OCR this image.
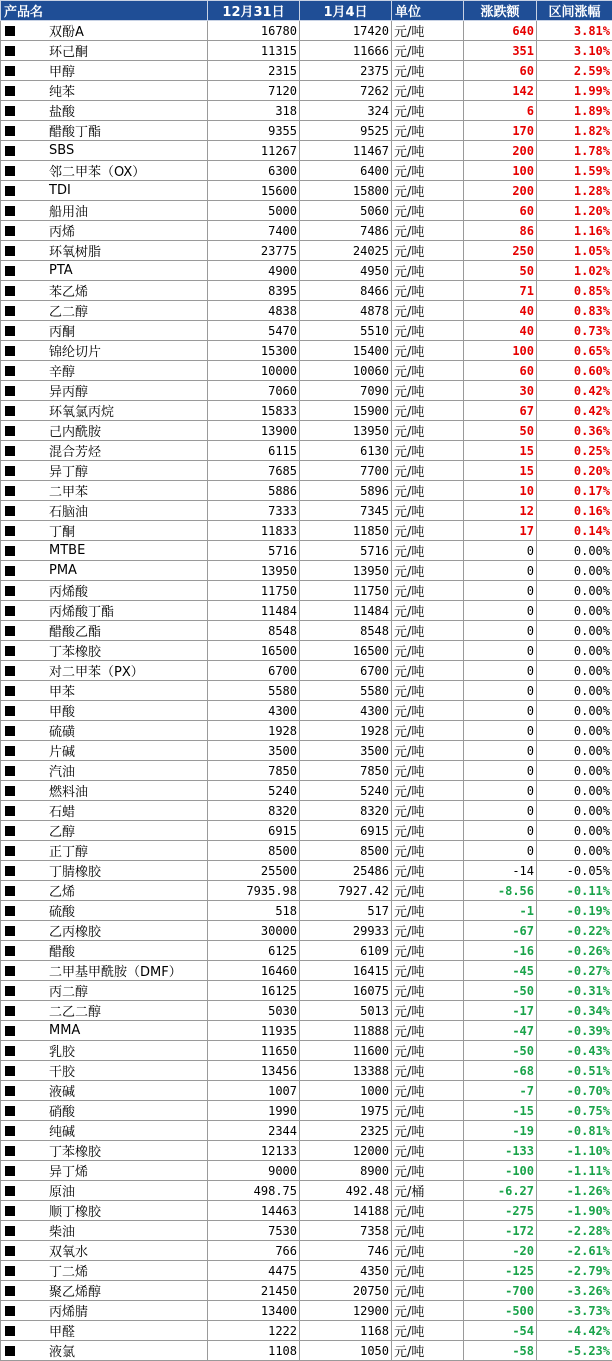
产品名	12月31日	1月4日	单位	涨跌额	区间涨幅
双酚A	16780	17420	元/吨	640	3.81%
环己酮	11315	11666	元/吨	351	3.10%
甲醇	2315	2375	元/吨	60	2.59%
纯苯	7120	7262	元/吨	142	1.99%
盐酸	318	324	元/吨	6	1.89%
醋酸丁酯	9355	9525	元/吨	170	1.82%
SBS	11267	11467	元/吨	200	1.78%
邻二甲苯（OX）	6300	6400	元/吨	100	1.59%
TDI	15600	15800	元/吨	200	1.28%
船用油	5000	5060	元/吨	60	1.20%
丙烯	7400	7486	元/吨	86	1.16%
环氧树脂	23775	24025	元/吨	250	1.05%
PTA	4900	4950	元/吨	50	1.02%
苯乙烯	8395	8466	元/吨	71	0.85%
乙二醇	4838	4878	元/吨	40	0.83%
丙酮	5470	5510	元/吨	40	0.73%
锦纶切片	15300	15400	元/吨	100	0.65%
辛醇	10000	10060	元/吨	60	0.60%
异丙醇	7060	7090	元/吨	30	0.42%
环氧氯丙烷	15833	15900	元/吨	67	0.42%
己内酰胺	13900	13950	元/吨	50	0.36%
混合芳烃	6115	6130	元/吨	15	0.25%
异丁醇	7685	7700	元/吨	15	0.20%
二甲苯	5886	5896	元/吨	10	0.17%
石脑油	7333	7345	元/吨	12	0.16%
丁酮	11833	11850	元/吨	17	0.14%
MTBE	5716	5716	元/吨	0	0.00%
PMA	13950	13950	元/吨	0	0.00%
丙烯酸	11750	11750	元/吨	0	0.00%
丙烯酸丁酯	11484	11484	元/吨	0	0.00%
醋酸乙酯	8548	8548	元/吨	0	0.00%
丁苯橡胶	16500	16500	元/吨	0	0.00%
对二甲苯（PX）	6700	6700	元/吨	0	0.00%
甲苯	5580	5580	元/吨	0	0.00%
甲酸	4300	4300	元/吨	0	0.00%
硫磺	1928	1928	元/吨	0	0.00%
片碱	3500	3500	元/吨	0	0.00%
汽油	7850	7850	元/吨	0	0.00%
燃料油	5240	5240	元/吨	0	0.00%
石蜡	8320	8320	元/吨	0	0.00%
乙醇	6915	6915	元/吨	0	0.00%
正丁醇	8500	8500	元/吨	0	0.00%
丁腈橡胶	25500	25486	元/吨	-14	-0.05%
乙烯	7935.98	7927.42	元/吨	-8.56	-0.11%
硫酸	518	517	元/吨	-1	-0.19%
乙丙橡胶	30000	29933	元/吨	-67	-0.22%
醋酸	6125	6109	元/吨	-16	-0.26%
二甲基甲酰胺（DMF）	16460	16415	元/吨	-45	-0.27%
丙二醇	16125	16075	元/吨	-50	-0.31%
二乙二醇	5030	5013	元/吨	-17	-0.34%
MMA	11935	11888	元/吨	-47	-0.39%
乳胶	11650	11600	元/吨	-50	-0.43%
干胶	13456	13388	元/吨	-68	-0.51%
液碱	1007	1000	元/吨	-7	-0.70%
硝酸	1990	1975	元/吨	-15	-0.75%
纯碱	2344	2325	元/吨	-19	-0.81%
丁苯橡胶	12133	12000	元/吨	-133	-1.10%
异丁烯	9000	8900	元/吨	-100	-1.11%
原油	498.75	492.48	元/桶	-6.27	-1.26%
顺丁橡胶	14463	14188	元/吨	-275	-1.90%
柴油	7530	7358	元/吨	-172	-2.28%
双氧水	766	746	元/吨	-20	-2.61%
丁二烯	4475	4350	元/吨	-125	-2.79%
聚乙烯醇	21450	20750	元/吨	-700	-3.26%
丙烯腈	13400	12900	元/吨	-500	-3.73%
甲醛	1222	1168	元/吨	-54	-4.42%
液氯	1108	1050	元/吨	-58	-5.23%
